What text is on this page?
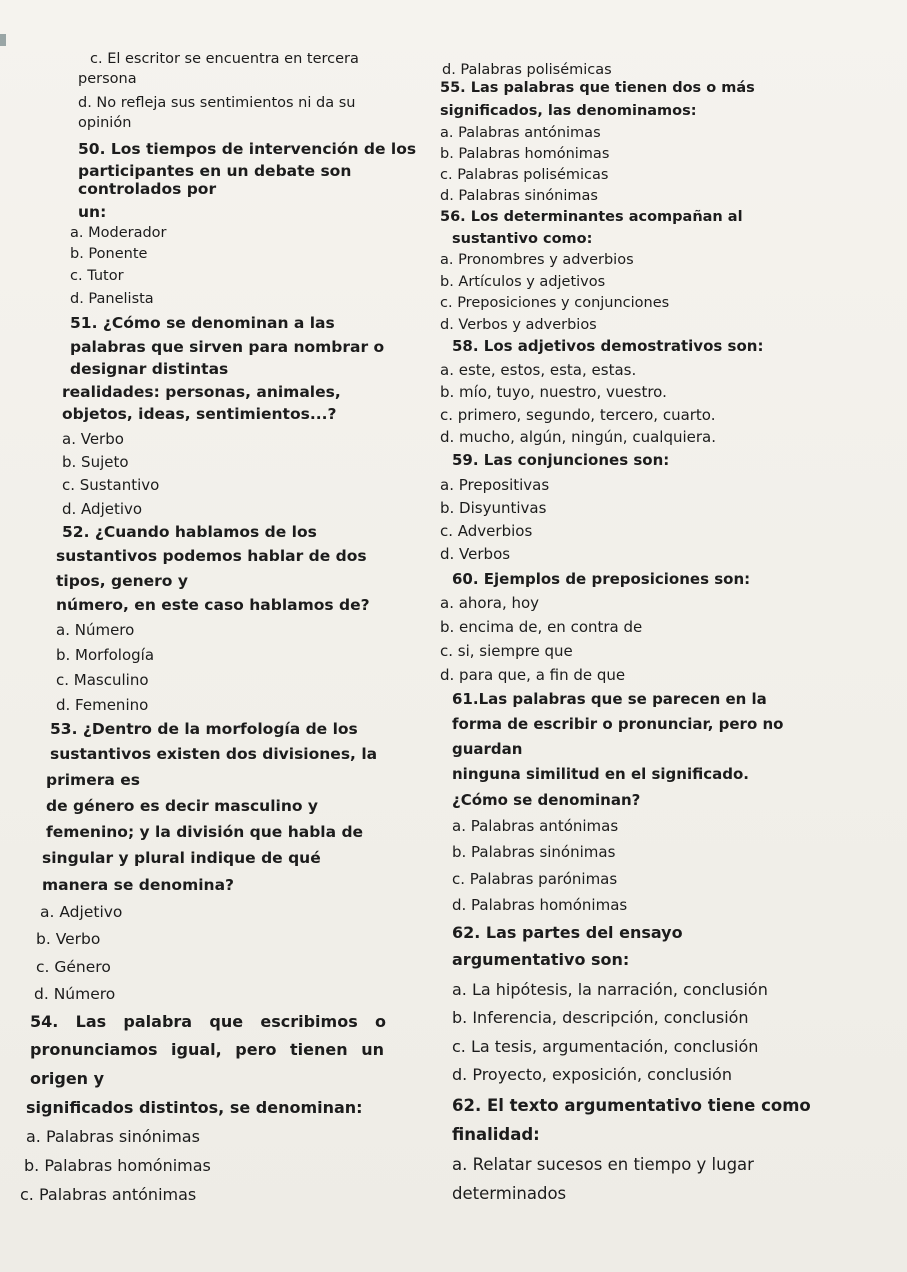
c. El escritor se encuentra en tercera
persona
d. No refleja sus sentimientos ni da su
opinión
50. Los tiempos de intervención de los
participantes en un debate son
controlados por
un:
a. Moderador
b. Ponente
c. Tutor
d. Panelista
51. ¿Cómo se denominan a las
palabras que sirven para nombrar o
designar distintas
realidades: personas, animales,
objetos, ideas, sentimientos...?
a. Verbo
b. Sujeto
c. Sustantivo
d. Adjetivo
52. ¿Cuando hablamos de los
sustantivos podemos hablar de dos
tipos, genero y
número, en este caso hablamos de?
a. Número
b. Morfología
c. Masculino
d. Femenino
53. ¿Dentro de la morfología de los
sustantivos existen dos divisiones, la
primera es
de género es decir masculino y
femenino; y la división que habla de
singular y plural indique de qué
manera se denomina?
a. Adjetivo
b. Verbo
c. Género
d. Número
54. Las palabra que escribimos o
pronunciamos igual, pero tienen un
origen y
significados distintos, se denominan:
a. Palabras sinónimas
b. Palabras homónimas
c. Palabras antónimas
d. Palabras polisémicas
55. Las palabras que tienen dos o más
significados, las denominamos:
a. Palabras antónimas
b. Palabras homónimas
c. Palabras polisémicas
d. Palabras sinónimas
56. Los determinantes acompañan al
sustantivo como:
a. Pronombres y adverbios
b. Artículos y adjetivos
c. Preposiciones y conjunciones
d. Verbos y adverbios
58. Los adjetivos demostrativos son:
a. este, estos, esta, estas.
b. mío, tuyo, nuestro, vuestro.
c. primero, segundo, tercero, cuarto.
d. mucho, algún, ningún, cualquiera.
59. Las conjunciones son:
a. Prepositivas
b. Disyuntivas
c. Adverbios
d. Verbos
60. Ejemplos de preposiciones son:
a. ahora, hoy
b. encima de, en contra de
c. si, siempre que
d. para que, a fin de que
61.Las palabras que se parecen en la
forma de escribir o pronunciar, pero no
guardan
ninguna similitud en el significado.
¿Cómo se denominan?
a. Palabras antónimas
b. Palabras sinónimas
c. Palabras parónimas
d. Palabras homónimas
62. Las partes del ensayo
argumentativo son:
a. La hipótesis, la narración, conclusión
b. Inferencia, descripción, conclusión
c. La tesis, argumentación, conclusión
d. Proyecto, exposición, conclusión
62. El texto argumentativo tiene como
finalidad:
a. Relatar sucesos en tiempo y lugar
determinados
